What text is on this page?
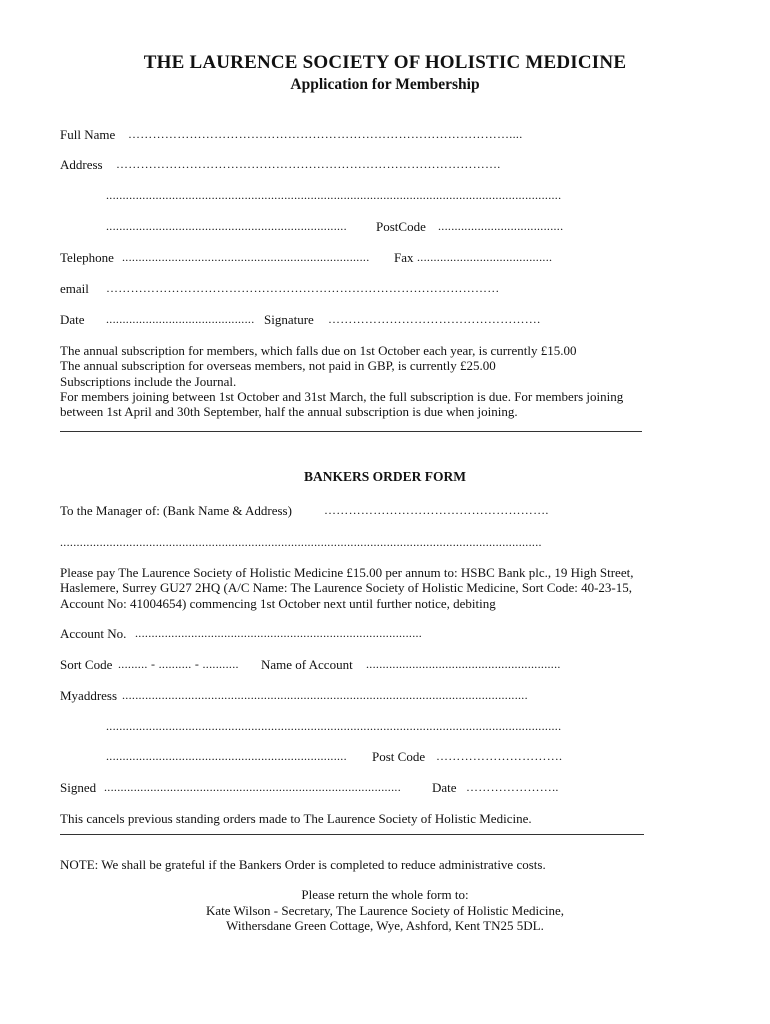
THE LAURENCE SOCIETY OF HOLISTIC MEDICINE
Application for Membership
Full Name …………………………………………………………………………………....
Address ………………………………………………………………………………….
..........................................................................................................................................
.........................................................................	PostCode ......................................
Telephone ...........................................................................	Fax .........................................
email ……………………………………………………………………………………
Date ............................................. Signature …………………………………………….
The annual subscription for members, which falls due on 1st October each year, is currently £15.00
The annual subscription for overseas members, not paid in GBP, is currently £25.00
Subscriptions include the Journal.
For members joining between 1st October and 31st March, the full subscription is due. For members joining
between 1st April and 30th September, half the annual subscription is due when joining.
BANKERS ORDER FORM
To the Manager of: (Bank Name & Address)	……………………………………………….
..................................................................................................................................................
Please pay The Laurence Society of Holistic Medicine £15.00 per annum to: HSBC Bank plc., 19 High Street,
Haslemere, Surrey GU27 2HQ (A/C Name: The Laurence Society of Holistic Medicine, Sort Code: 40-23-15,
Account No: 41004654) commencing 1st October next until further notice, debiting
Account No. .......................................................................................
Sort Code ......... - .......... - ...........	Name of Account ...........................................................
Myaddress ...........................................................................................................................
..........................................................................................................................................
.........................................................................	Post Code ………………………….
Signed ..........................................................................................	Date …………………..
This cancels previous standing orders made to The Laurence Society of Holistic Medicine.
NOTE: We shall be grateful if the Bankers Order is completed to reduce administrative costs.
Please return the whole form to:
Kate Wilson - Secretary, The Laurence Society of Holistic Medicine,
Withersdane Green Cottage, Wye, Ashford, Kent TN25 5DL.
